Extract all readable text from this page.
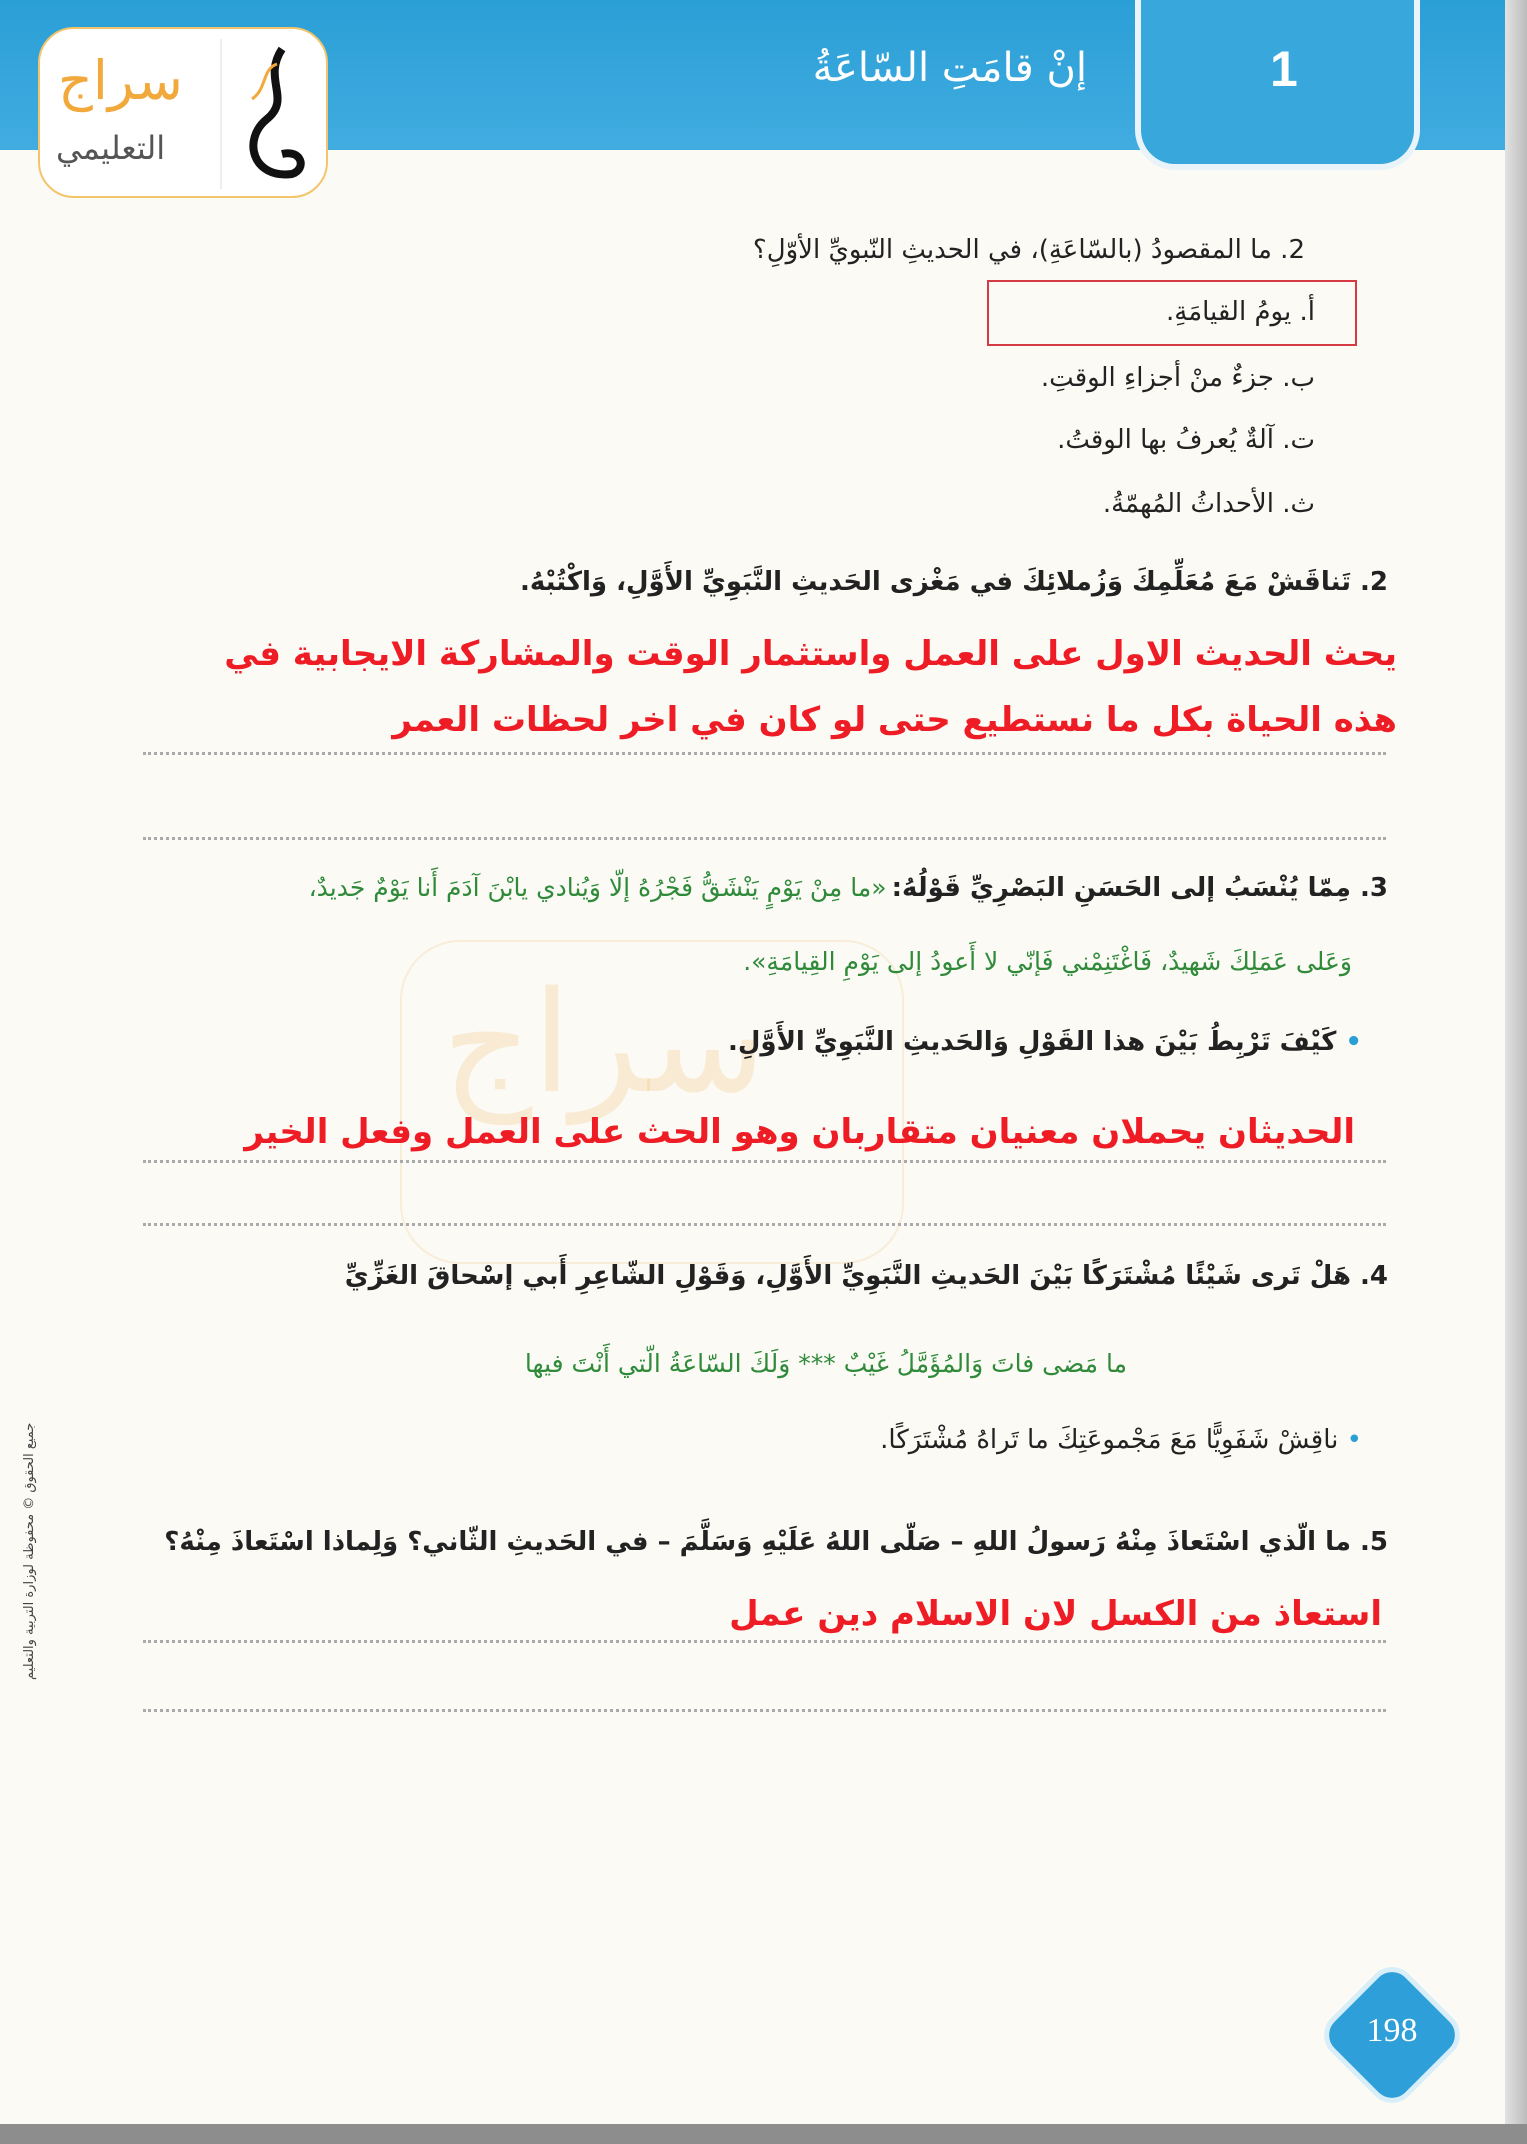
1
إنْ قامَتِ السّاعَةُ
سراج
التعليمي
سراج
جميع الحقوق © محفوظة لوزارة التربية والتعليم
2. ما المقصودُ (بالسّاعَةِ)، في الحديثِ النّبويِّ الأوّلِ؟
أ. يومُ القيامَةِ.
ب. جزءٌ منْ أجزاءِ الوقتِ.
ت. آلةٌ يُعرفُ بها الوقتُ.
ث. الأحداثُ المُهمّةُ.
2. تَناقَشْ مَعَ مُعَلِّمِكَ وَزُملائِكَ في مَغْزى الحَديثِ النَّبَوِيِّ الأَوَّلِ، وَاكْتُبْهُ.
يحث الحديث الاول على العمل واستثمار الوقت والمشاركة الايجابية في
هذه الحياة بكل ما نستطيع حتى لو كان في اخر لحظات العمر
3. مِمّا يُنْسَبُ إلى الحَسَنِ البَصْرِيِّ قَوْلُهُ: «ما مِنْ يَوْمٍ يَنْشَقُّ فَجْرُهُ إلّا وَيُنادي يابْنَ آدَمَ أَنا يَوْمٌ جَديدٌ،
وَعَلى عَمَلِكَ شَهيدٌ، فَاغْتَنِمْني فَإنّي لا أَعودُ إلى يَوْمِ القِيامَةِ».
• كَيْفَ تَرْبِطُ بَيْنَ هذا القَوْلِ وَالحَديثِ النَّبَوِيِّ الأَوَّلِ.
الحديثان يحملان معنيان متقاربان وهو الحث على العمل وفعل الخير
4. هَلْ تَرى شَيْئًا مُشْتَرَكًا بَيْنَ الحَديثِ النَّبَوِيِّ الأَوَّلِ، وَقَوْلِ الشّاعِرِ أَبي إسْحاقَ الغَزِّيِّ
ما مَضى فاتَ وَالمُؤَمَّلُ غَيْبٌ *** وَلَكَ السّاعَةُ الّتي أَنْتَ فيها
• ناقِشْ شَفَوِيًّا مَعَ مَجْموعَتِكَ ما تَراهُ مُشْتَرَكًا.
5. ما الّذي اسْتَعاذَ مِنْهُ رَسولُ اللهِ – صَلّى اللهُ عَلَيْهِ وَسَلَّمَ – في الحَديثِ الثّاني؟ وَلِماذا اسْتَعاذَ مِنْهُ؟
استعاذ من الكسل لان الاسلام دين عمل
198
